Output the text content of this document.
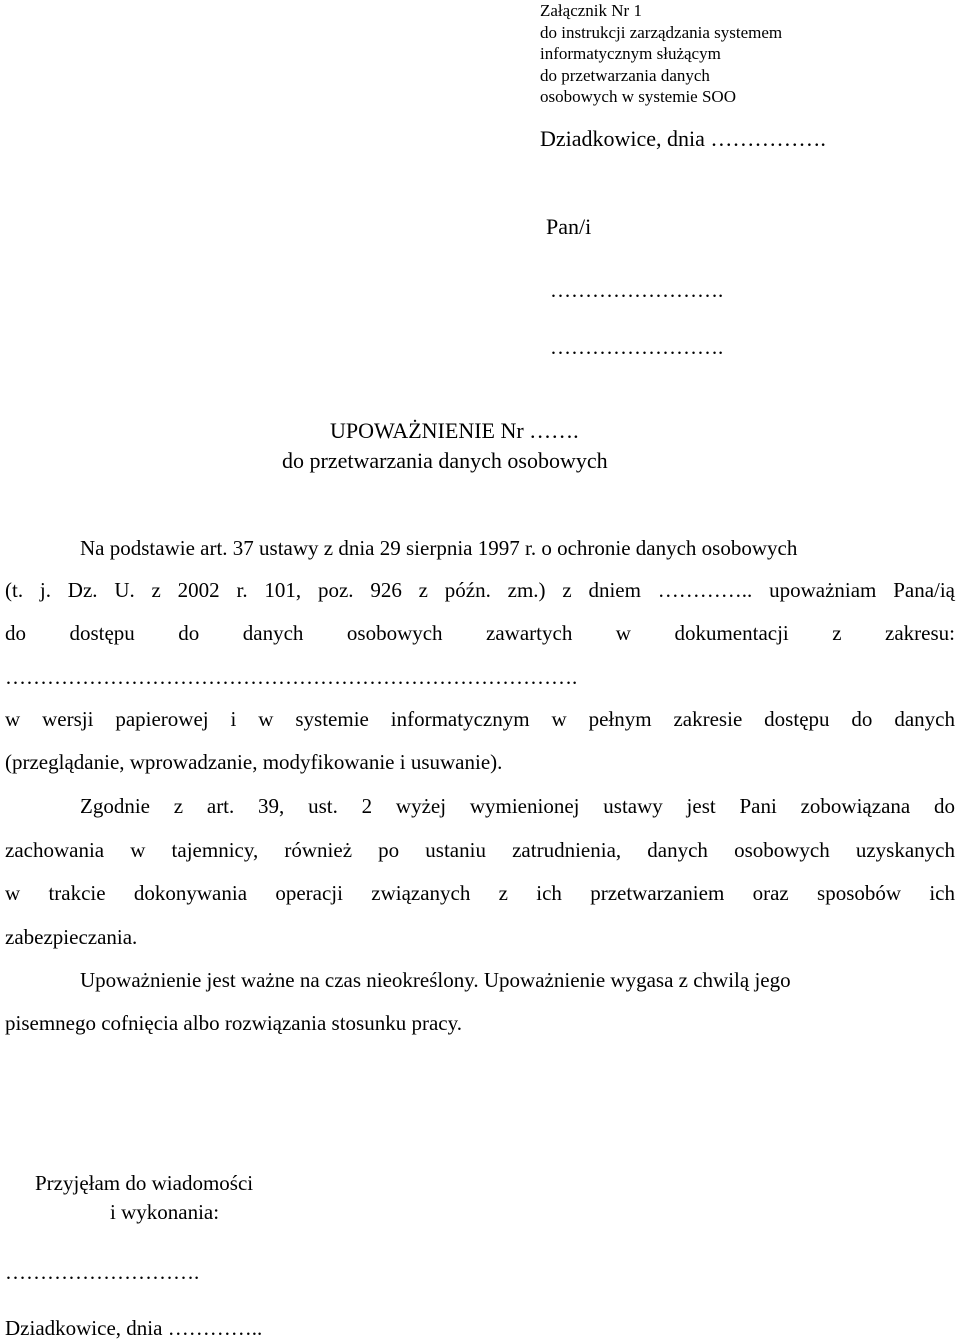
Załącznik Nr 1
do instrukcji zarządzania systemem
informatycznym służącym
do przetwarzania danych
osobowych w systemie SOO
Dziadkowice, dnia …………….
Pan/i
…………………….
…………………….
UPOWAŻNIENIE Nr …….
do przetwarzania danych osobowych
Na podstawie art. 37 ustawy z dnia 29 sierpnia 1997 r. o ochronie danych osobowych
(t. j. Dz. U. z 2002 r. 101, poz. 926 z późn. zm.) z dniem ………….. upoważniam Pana/ią
do dostępu do danych osobowych zawartych w dokumentacji z zakresu:
……………………………………………………………………….
w wersji papierowej i w systemie informatycznym w pełnym zakresie dostępu do danych
(przeglądanie, wprowadzanie, modyfikowanie i usuwanie).
Zgodnie z art. 39, ust. 2 wyżej wymienionej ustawy jest Pani zobowiązana do
zachowania w tajemnicy, również po ustaniu zatrudnienia, danych osobowych uzyskanych
w trakcie dokonywania operacji związanych z ich przetwarzaniem oraz sposobów ich
zabezpieczania.
Upoważnienie jest ważne na czas nieokreślony. Upoważnienie wygasa z chwilą jego
pisemnego cofnięcia albo rozwiązania stosunku pracy.
Przyjęłam do wiadomości
i wykonania:
……………………….
Dziadkowice, dnia …………..
